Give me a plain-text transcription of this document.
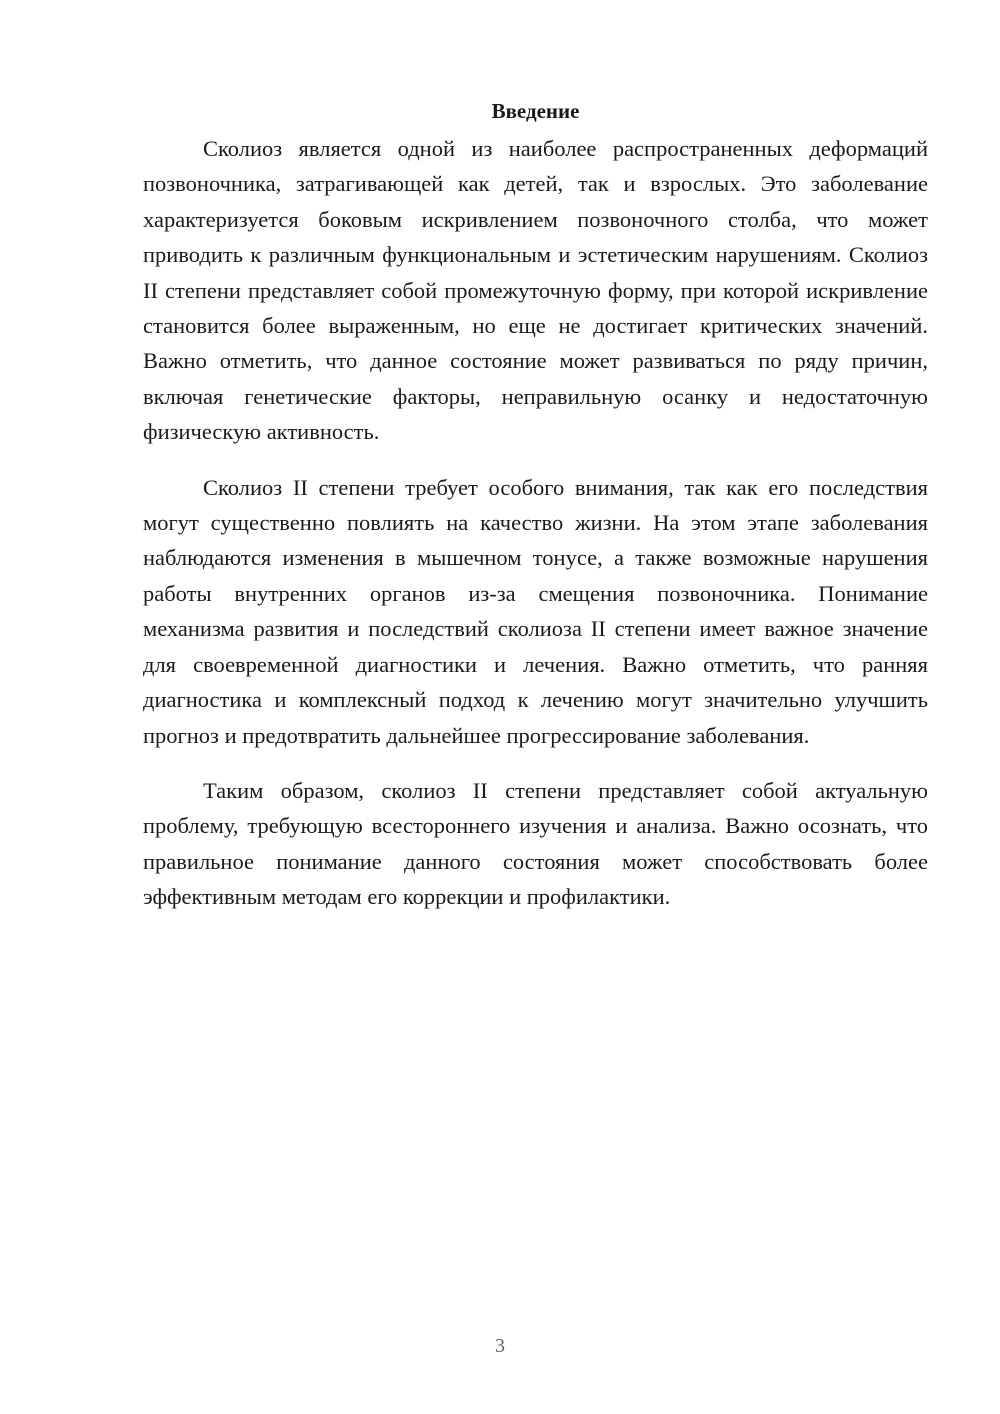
Введение

Сколиоз является одной из наиболее распространенных деформаций позвоночника, затрагивающей как детей, так и взрослых. Это заболевание характеризуется боковым искривлением позвоночного столба, что может приводить к различным функциональным и эстетическим нарушениям. Сколиоз II степени представляет собой промежуточную форму, при которой искривление становится более выраженным, но еще не достигает критических значений. Важно отметить, что данное состояние может развиваться по ряду причин, включая генетические факторы, неправильную осанку и недостаточную физическую активность.

Сколиоз II степени требует особого внимания, так как его последствия могут существенно повлиять на качество жизни. На этом этапе заболевания наблюдаются изменения в мышечном тонусе, а также возможные нарушения работы внутренних органов из-за смещения позвоночника. Понимание механизма развития и последствий сколиоза II степени имеет важное значение для своевременной диагностики и лечения. Важно отметить, что ранняя диагностика и комплексный подход к лечению могут значительно улучшить прогноз и предотвратить дальнейшее прогрессирование заболевания.

Таким образом, сколиоз II степени представляет собой актуальную проблему, требующую всестороннего изучения и анализа. Важно осознать, что правильное понимание данного состояния может способствовать более эффективным методам его коррекции и профилактики.

3
